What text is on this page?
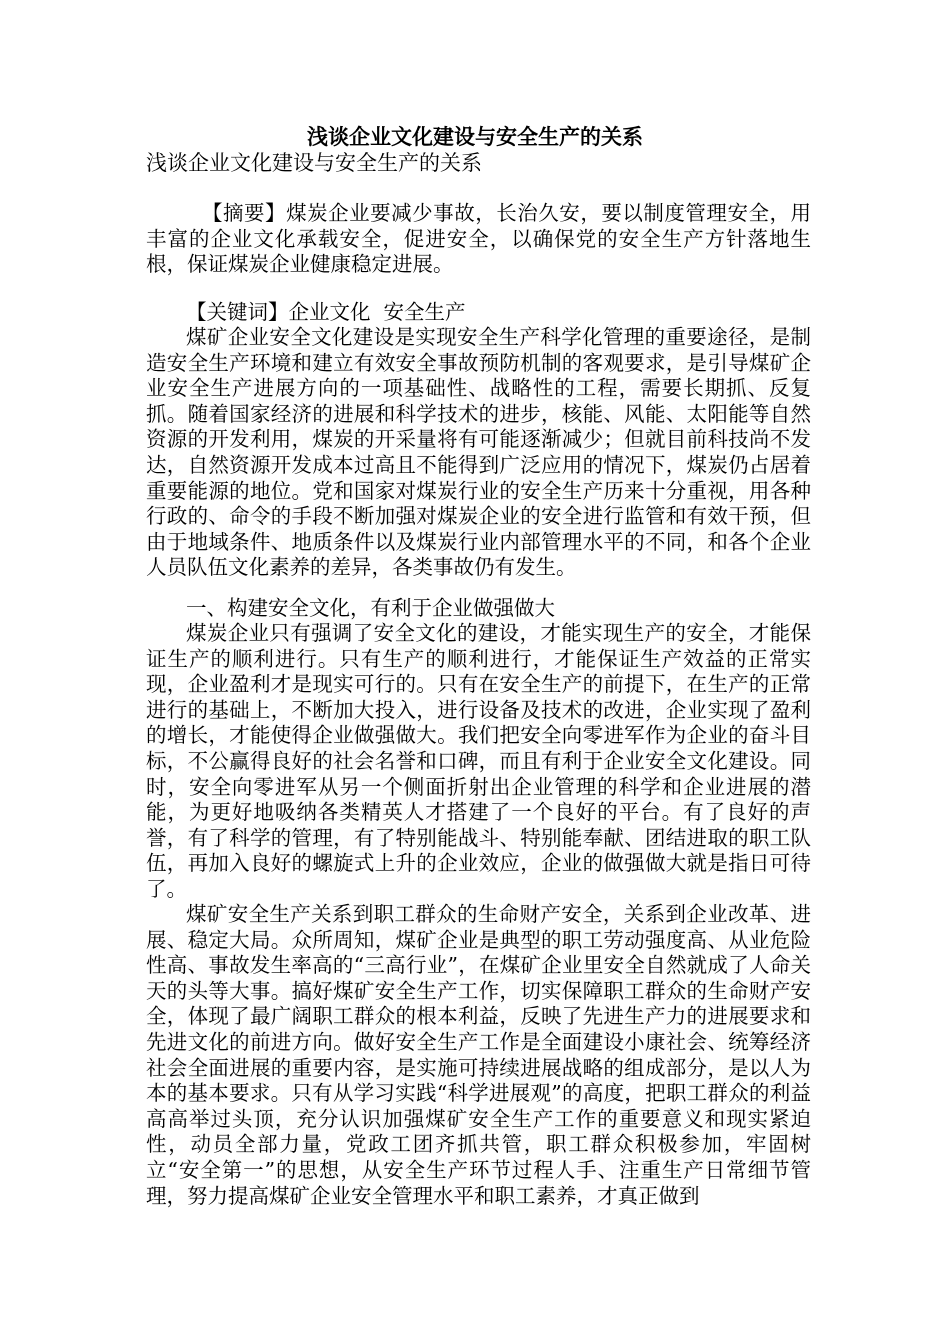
浅谈企业文化建设与安全生产的关系

浅谈企业文化建设与安全生产的关系

【摘要】煤炭企业要减少事故，长治久安，要以制度管理安全，用丰富的企业文化承载安全，促进安全，以确保党的安全生产方针落地生根，保证煤炭企业健康稳定进展。

【关键词】企业文化  安全生产

煤矿企业安全文化建设是实现安全生产科学化管理的重要途径，是制造安全生产环境和建立有效安全事故预防机制的客观要求，是引导煤矿企业安全生产进展方向的一项基础性、战略性的工程，需要长期抓、反复抓。随着国家经济的进展和科学技术的进步，核能、风能、太阳能等自然资源的开发利用，煤炭的开采量将有可能逐渐减少；但就目前科技尚不发达，自然资源开发成本过高且不能得到广泛应用的情况下，煤炭仍占居着重要能源的地位。党和国家对煤炭行业的安全生产历来十分重视，用各种行政的、命令的手段不断加强对煤炭企业的安全进行监管和有效干预，但由于地域条件、地质条件以及煤炭行业内部管理水平的不同，和各个企业人员队伍文化素养的差异，各类事故仍有发生。

一、构建安全文化，有利于企业做强做大

煤炭企业只有强调了安全文化的建设，才能实现生产的安全，才能保证生产的顺利进行。只有生产的顺利进行，才能保证生产效益的正常实现，企业盈利才是现实可行的。只有在安全生产的前提下，在生产的正常进行的基础上，不断加大投入，进行设备及技术的改进，企业实现了盈利的增长，才能使得企业做强做大。我们把安全向零进军作为企业的奋斗目标，不公赢得良好的社会名誉和口碑，而且有利于企业安全文化建设。同时，安全向零进军从另一个侧面折射出企业管理的科学和企业进展的潜能，为更好地吸纳各类精英人才搭建了一个良好的平台。有了良好的声誉，有了科学的管理，有了特别能战斗、特别能奉献、团结进取的职工队伍，再加入良好的螺旋式上升的企业效应，企业的做强做大就是指日可待了。

煤矿安全生产关系到职工群众的生命财产安全，关系到企业改革、进展、稳定大局。众所周知，煤矿企业是典型的职工劳动强度高、从业危险性高、事故发生率高的“三高行业”，在煤矿企业里安全自然就成了人命关天的头等大事。搞好煤矿安全生产工作，切实保障职工群众的生命财产安全，体现了最广阔职工群众的根本利益，反映了先进生产力的进展要求和先进文化的前进方向。做好安全生产工作是全面建设小康社会、统筹经济社会全面进展的重要内容，是实施可持续进展战略的组成部分，是以人为本的基本要求。只有从学习实践“科学进展观”的高度，把职工群众的利益高高举过头顶，充分认识加强煤矿安全生产工作的重要意义和现实紧迫性，动员全部力量，党政工团齐抓共管，职工群众积极参加，牢固树立“安全第一”的思想，从安全生产环节过程人手、注重生产日常细节管理，努力提高煤矿企业安全管理水平和职工素养，才真正做到
